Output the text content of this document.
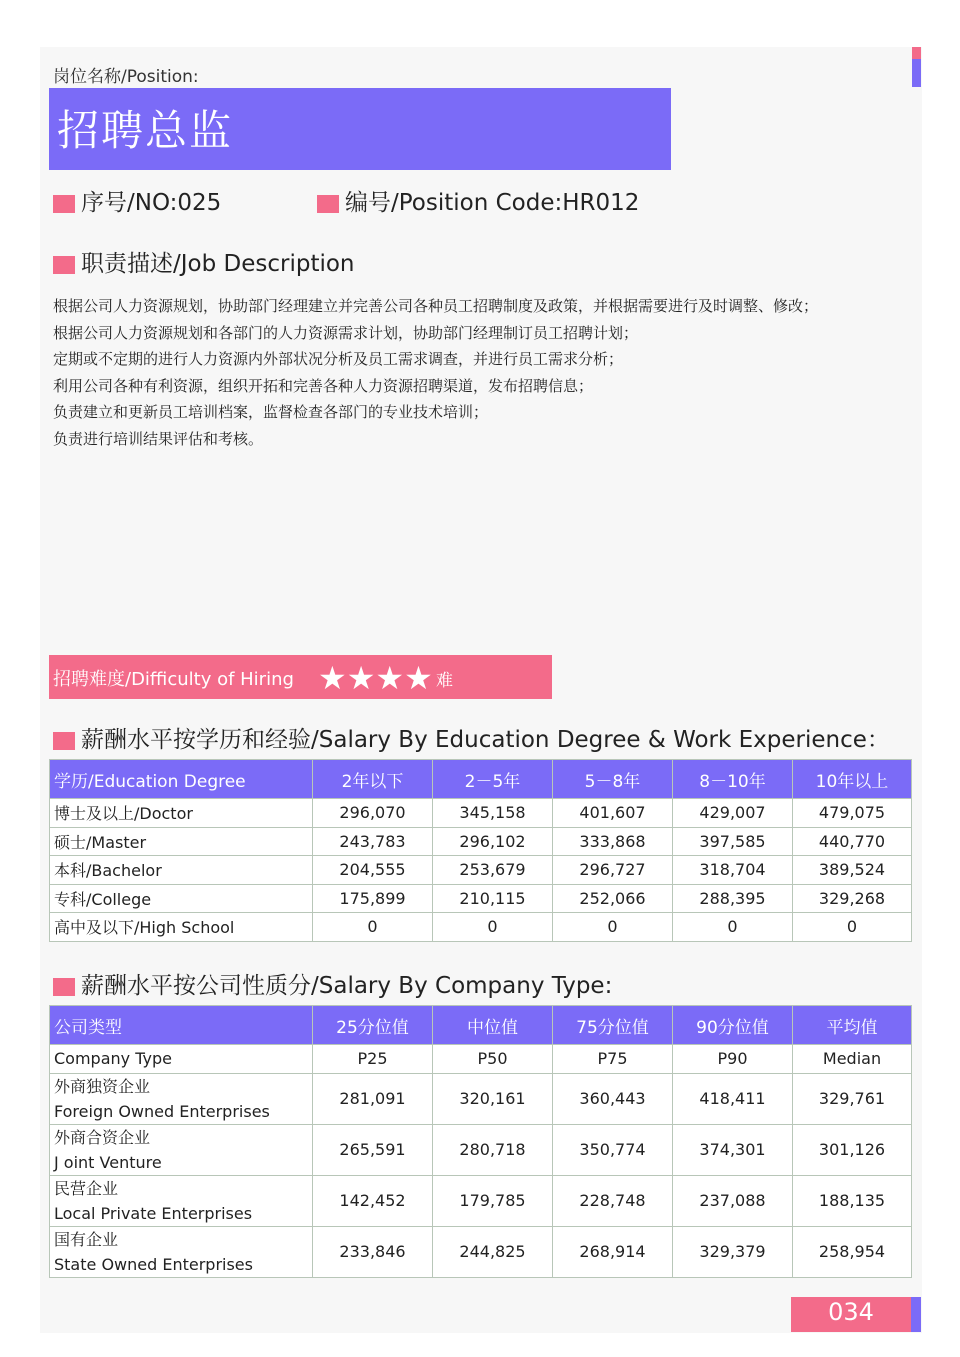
岗位名称/Position:
招聘总监
序号/NO:025	编号/Position Code:HR012
职责描述/Job Description
根据公司人力资源规划，协助部门经理建立并完善公司各种员工招聘制度及政策，并根据需要进行及时调整、修改；
根据公司人力资源规划和各部门的人力资源需求计划，协助部门经理制订员工招聘计划；
定期或不定期的进行人力资源内外部状况分析及员工需求调查，并进行员工需求分析；
利用公司各种有利资源，组织开拓和完善各种人力资源招聘渠道，发布招聘信息；
负责建立和更新员工培训档案，监督检查各部门的专业技术培训；
负责进行培训结果评估和考核。
招聘难度/Difficulty of Hiring ★★★★ 难
薪酬水平按学历和经验/Salary By Education Degree & Work Experience：
学历/Education Degree	2年以下	2－5年	5－8年	8－10年	10年以上
博士及以上/Doctor	296,070	345,158	401,607	429,007	479,075
硕士/Master	243,783	296,102	333,868	397,585	440,770
本科/Bachelor	204,555	253,679	296,727	318,704	389,524
专科/College	175,899	210,115	252,066	288,395	329,268
高中及以下/High School	0	0	0	0	0
薪酬水平按公司性质分/Salary By Company Type:
公司类型	25分位值	中位值	75分位值	90分位值	平均值
Company Type	P25	P50	P75	P90	Median

外商独资企业
Foreign Owned Enterprises	281,091	320,161	360,443	418,411	329,761

外商合资企业
J oint Venture	265,591	280,718	350,774	374,301	301,126

民营企业
Local Private Enterprises	142,452	179,785	228,748	237,088	188,135

国有企业
State Owned Enterprises	233,846	244,825	268,914	329,379	258,954
034
